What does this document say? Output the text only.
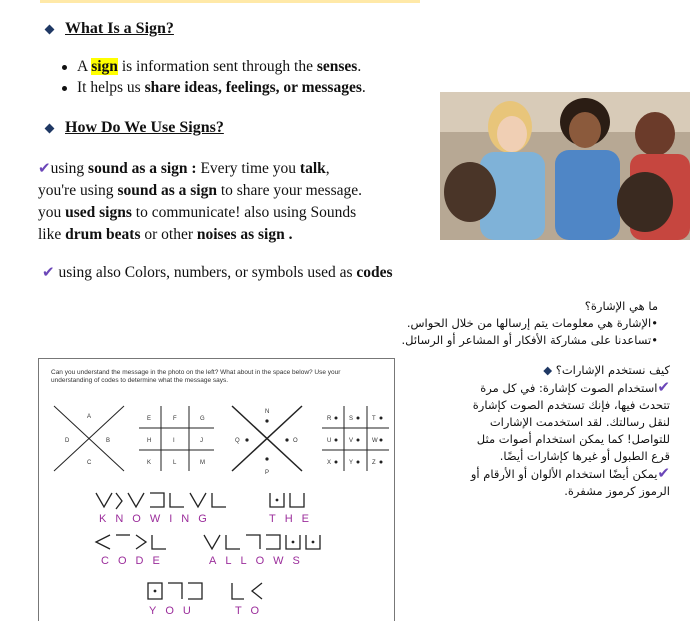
What Is a Sign?
A sign is information sent through the senses.
It helps us share ideas, feelings, or messages.
How Do We Use Signs?
✔using sound as a sign : Every time you talk,
you're using sound as a sign to share your message.
you used signs to communicate! also using Sounds
like drum beats or other noises as sign .
✔ using also Colors, numbers, or symbols used as codes
ما هي الإشارة؟
•الإشارة هي معلومات يتم إرسالها من خلال الحواس.
•تساعدنا على مشاركة الأفكار أو المشاعر أو الرسائل.
كيف نستخدم الإشارات؟ ◆
✔استخدام الصوت كإشارة: في كل مرة تتحدث فيها، فإنك تستخدم الصوت كإشارة لنقل رسالتك. لقد استخدمت الإشارات للتواصل! كما يمكن استخدام أصوات مثل قرع الطبول أو غيرها كإشارات أيضًا.
✔يمكن أيضًا استخدام الألوان أو الأرقام أو الرموز كرموز مشفرة.
Can you understand the message in the photo on the left? What about in the space below? Use your understanding of codes to determine what the message says.
A
B
C
D
E	F	G
H	I	J
K	L	M
N
O
P
Q
R	S	T
U	V	W
X	Y	Z
KNOWING	THE
CODE	ALLOWS
YOU	TO
